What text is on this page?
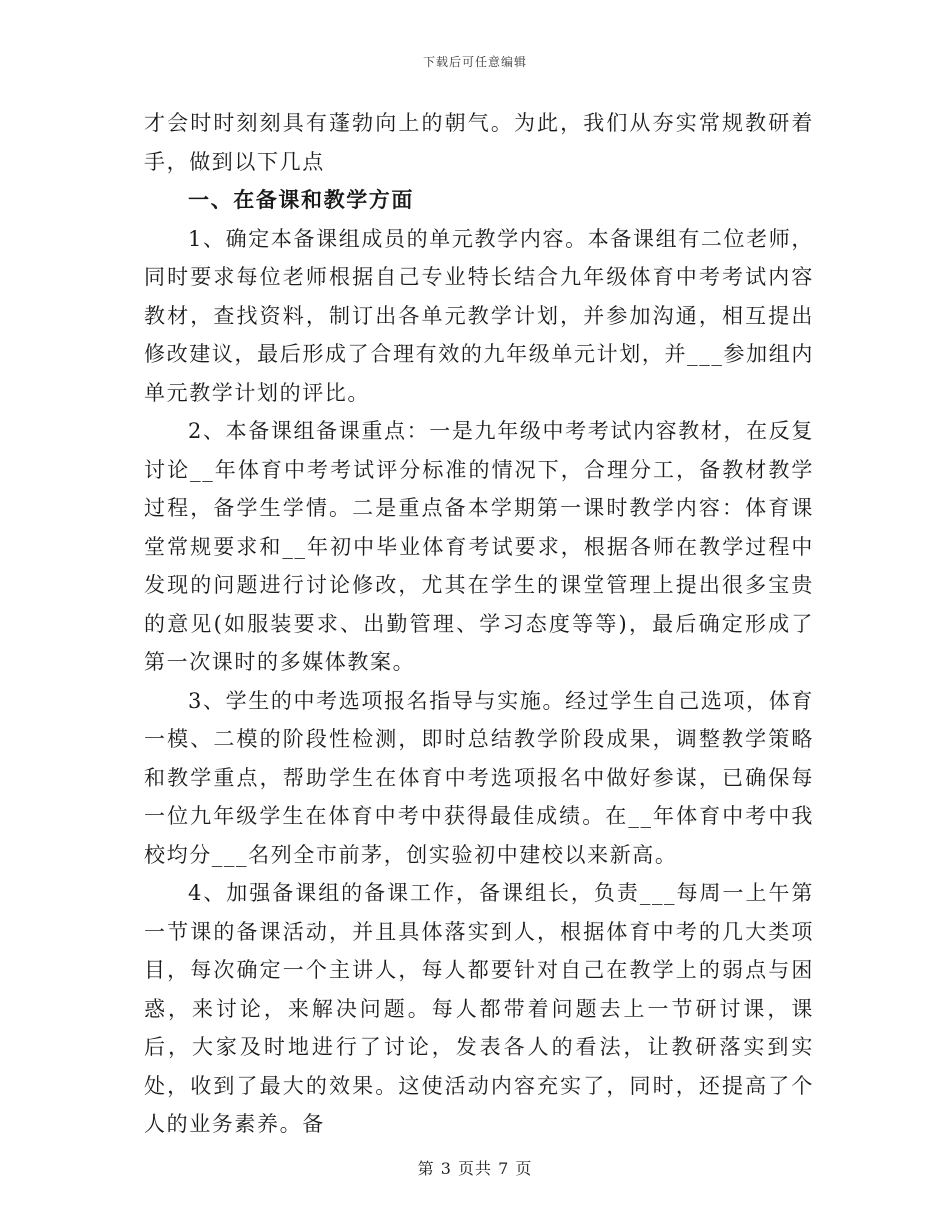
下载后可任意编辑

才会时时刻刻具有蓬勃向上的朝气。为此，我们从夯实常规教研着手，做到以下几点

一、在备课和教学方面

1、确定本备课组成员的单元教学内容。本备课组有二位老师，同时要求每位老师根据自己专业特长结合九年级体育中考考试内容教材，查找资料，制订出各单元教学计划，并参加沟通，相互提出修改建议，最后形成了合理有效的九年级单元计划，并___参加组内单元教学计划的评比。

2、本备课组备课重点：一是九年级中考考试内容教材，在反复讨论__年体育中考考试评分标准的情况下，合理分工，备教材教学过程，备学生学情。二是重点备本学期第一课时教学内容：体育课堂常规要求和__年初中毕业体育考试要求，根据各师在教学过程中发现的问题进行讨论修改，尤其在学生的课堂管理上提出很多宝贵的意见(如服装要求、出勤管理、学习态度等等)，最后确定形成了第一次课时的多媒体教案。

3、学生的中考选项报名指导与实施。经过学生自己选项，体育一模、二模的阶段性检测，即时总结教学阶段成果，调整教学策略和教学重点，帮助学生在体育中考选项报名中做好参谋，已确保每一位九年级学生在体育中考中获得最佳成绩。在__年体育中考中我校均分___名列全市前茅，创实验初中建校以来新高。

4、加强备课组的备课工作，备课组长，负责___每周一上午第一节课的备课活动，并且具体落实到人，根据体育中考的几大类项目，每次确定一个主讲人，每人都要针对自己在教学上的弱点与困惑，来讨论，来解决问题。每人都带着问题去上一节研讨课，课后，大家及时地进行了讨论，发表各人的看法，让教研落实到实处，收到了最大的效果。这使活动内容充实了，同时，还提高了个人的业务素养。备

第 3 页共 7 页
